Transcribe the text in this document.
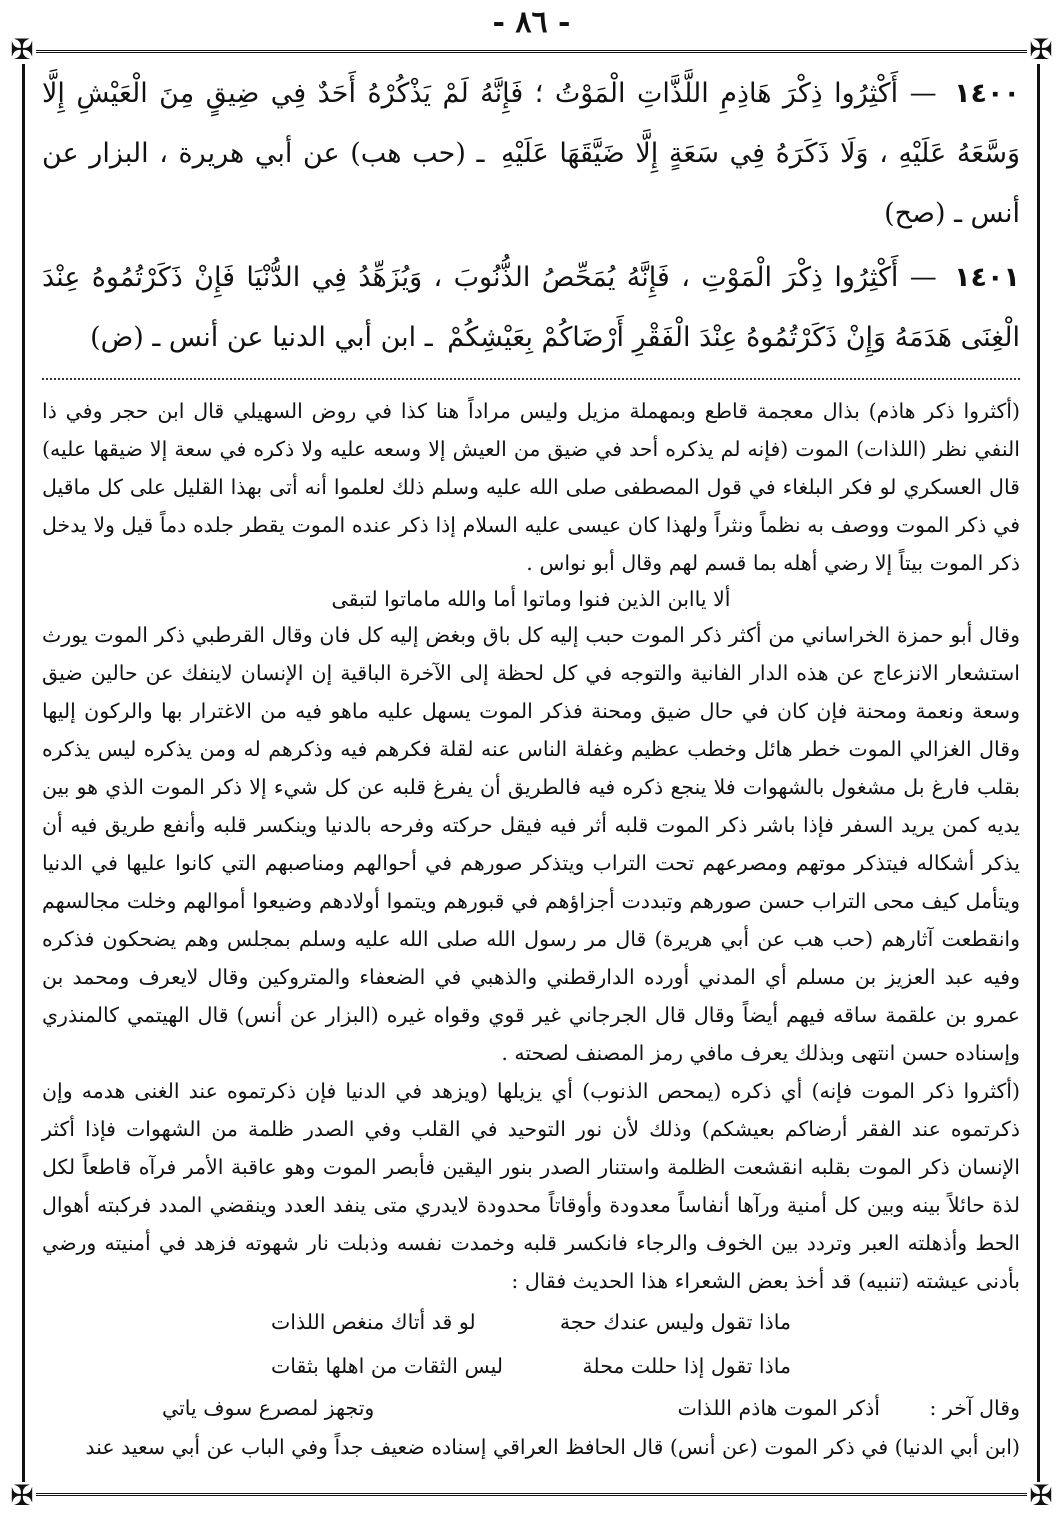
- ٨٦ -
✠	✠
✠	✠

١٤٠٠ — أَكْثِرُوا ذِكْرَ هَاذِمِ اللَّذَّاتِ الْمَوْتُ ؛ فَإِنَّهُ لَمْ يَذْكُرْهُ أَحَدٌ فِي ضِيقٍ مِنَ الْعَيْشِ إِلَّا وَسَّعَهُ عَلَيْهِ ، وَلَا ذَكَرَهُ فِي سَعَةٍ إِلَّا ضَيَّقَهَا عَلَيْهِ ـ (حب هب) عن أبي هريرة ، البزار عن أنس ـ (صح)

١٤٠١ — أَكْثِرُوا ذِكْرَ الْمَوْتِ ، فَإِنَّهُ يُمَحِّصُ الذُّنُوبَ ، وَيُزَهِّدُ فِي الدُّنْيَا فَإِنْ ذَكَرْتُمُوهُ عِنْدَ الْغِنَى هَدَمَهُ وَإِنْ ذَكَرْتُمُوهُ عِنْدَ الْفَقْرِ أَرْضَاكُمْ بِعَيْشِكُمْ ـ ابن أبي الدنيا عن أنس ـ (ض)

(أكثروا ذكر هاذم) بذال معجمة قاطع وبمهملة مزيل وليس مراداً هنا كذا في روض السهيلي قال ابن حجر وفي ذا النفي نظر (اللذات) الموت (فإنه لم يذكره أحد في ضيق من العيش إلا وسعه عليه ولا ذكره في سعة إلا ضيقها عليه) قال العسكري لو فكر البلغاء في قول المصطفى صلى الله عليه وسلم ذلك لعلموا أنه أتى بهذا القليل على كل ماقيل في ذكر الموت ووصف به نظماً ونثراً ولهذا كان عيسى عليه السلام إذا ذكر عنده الموت يقطر جلده دماً قيل ولا يدخل ذكر الموت بيتاً إلا رضي أهله بما قسم لهم وقال أبو نواس .

ألا ياابن الذين فنوا وماتوا أما والله ماماتوا لتبقى

وقال أبو حمزة الخراساني من أكثر ذكر الموت حبب إليه كل باق وبغض إليه كل فان وقال القرطبي ذكر الموت يورث استشعار الانزعاج عن هذه الدار الفانية والتوجه في كل لحظة إلى الآخرة الباقية إن الإنسان لاينفك عن حالين ضيق وسعة ونعمة ومحنة فإن كان في حال ضيق ومحنة فذكر الموت يسهل عليه ماهو فيه من الاغترار بها والركون إليها وقال الغزالي الموت خطر هائل وخطب عظيم وغفلة الناس عنه لقلة فكرهم فيه وذكرهم له ومن يذكره ليس يذكره بقلب فارغ بل مشغول بالشهوات فلا ينجع ذكره فيه فالطريق أن يفرغ قلبه عن كل شيء إلا ذكر الموت الذي هو بين يديه كمن يريد السفر فإذا باشر ذكر الموت قلبه أثر فيه فيقل حركته وفرحه بالدنيا وينكسر قلبه وأنفع طريق فيه أن يذكر أشكاله فيتذكر موتهم ومصرعهم تحت التراب ويتذكر صورهم في أحوالهم ومناصبهم التي كانوا عليها في الدنيا ويتأمل كيف محى التراب حسن صورهم وتبددت أجزاؤهم في قبورهم ويتموا أولادهم وضيعوا أموالهم وخلت مجالسهم وانقطعت آثارهم (حب هب عن أبي هريرة) قال مر رسول الله صلى الله عليه وسلم بمجلس وهم يضحكون فذكره وفيه عبد العزيز بن مسلم أي المدني أورده الدارقطني والذهبي في الضعفاء والمتروكين وقال لايعرف ومحمد بن عمرو بن علقمة ساقه فيهم أيضاً وقال قال الجرجاني غير قوي وقواه غيره (البزار عن أنس) قال الهيتمي كالمنذري وإسناده حسن انتهى وبذلك يعرف مافي رمز المصنف لصحته .

(أكثروا ذكر الموت فإنه) أي ذكره (يمحص الذنوب) أي يزيلها (ويزهد في الدنيا فإن ذكرتموه عند الغنى هدمه وإن ذكرتموه عند الفقر أرضاكم بعيشكم) وذلك لأن نور التوحيد في القلب وفي الصدر ظلمة من الشهوات فإذا أكثر الإنسان ذكر الموت بقلبه انقشعت الظلمة واستنار الصدر بنور اليقين فأبصر الموت وهو عاقبة الأمر فرآه قاطعاً لكل لذة حائلاً بينه وبين كل أمنية ورآها أنفاساً معدودة وأوقاتاً محدودة لايدري متى ينفد العدد وينقضي المدد فركبته أهوال الحط وأذهلته العبر وتردد بين الخوف والرجاء فانكسر قلبه وخمدت نفسه وذبلت نار شهوته فزهد في أمنيته ورضي بأدنى عيشته (تنبيه) قد أخذ بعض الشعراء هذا الحديث فقال :

ماذا تقول وليس عندك حجة
لو قد أتاك منغص اللذات
ماذا تقول إذا حللت محلة
ليس الثقات من اهلها بثقات
وقال آخر :
أذكر الموت هاذم اللذات
وتجهز لمصرع سوف ياتي

(ابن أبي الدنيا) في ذكر الموت (عن أنس) قال الحافظ العراقي إسناده ضعيف جداً وفي الباب عن أبي سعيد عند
